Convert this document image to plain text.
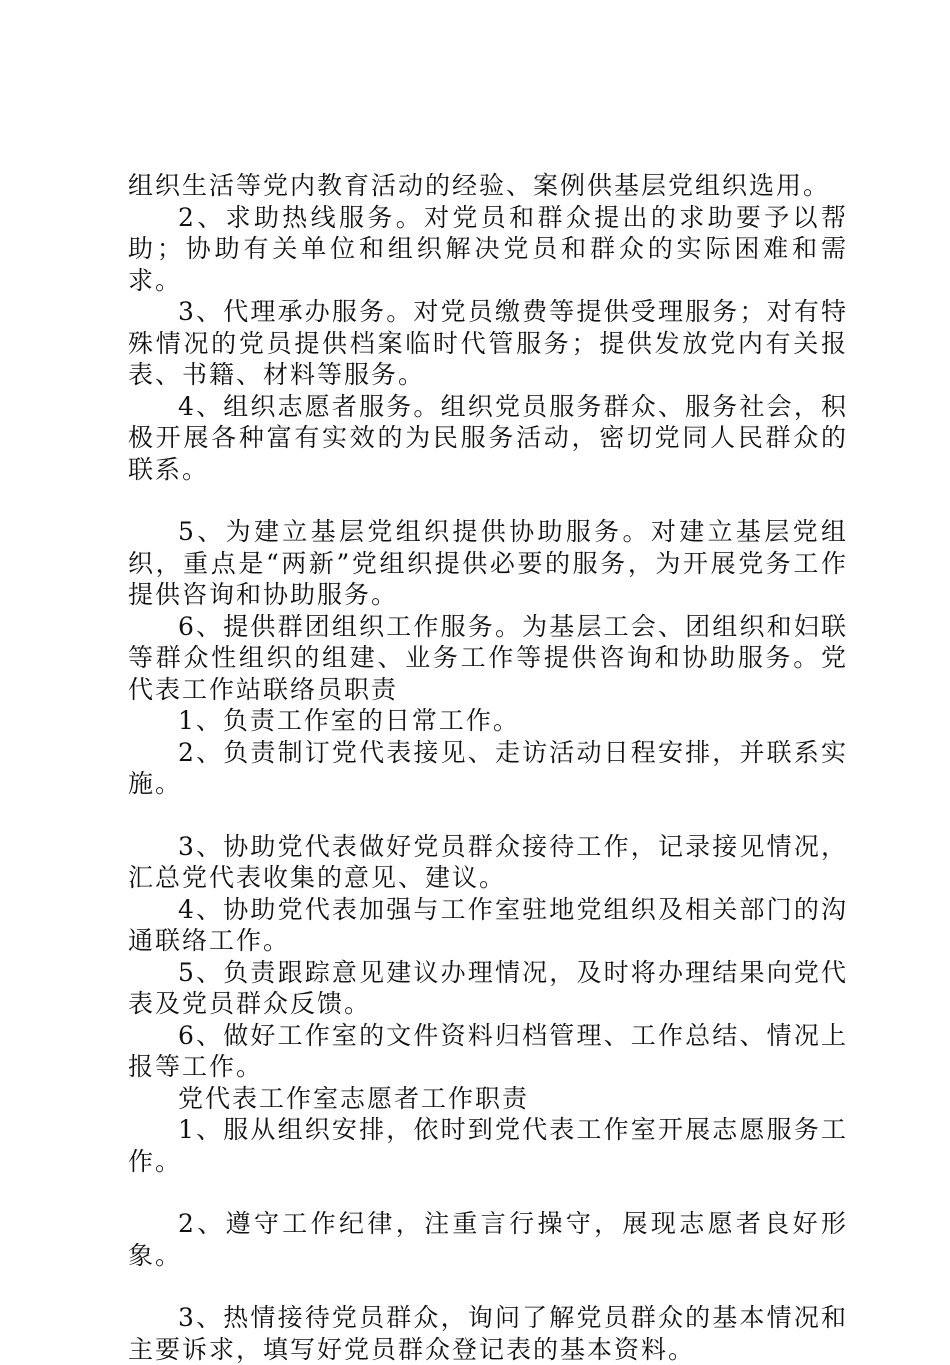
组织生活等党内教育活动的经验、案例供基层党组织选用。

2、求助热线服务。对党员和群众提出的求助要予以帮助；协助有关单位和组织解决党员和群众的实际困难和需求。

3、代理承办服务。对党员缴费等提供受理服务；对有特殊情况的党员提供档案临时代管服务；提供发放党内有关报表、书籍、材料等服务。

4、组织志愿者服务。组织党员服务群众、服务社会，积极开展各种富有实效的为民服务活动，密切党同人民群众的联系。

5、为建立基层党组织提供协助服务。对建立基层党组织，重点是“两新”党组织提供必要的服务，为开展党务工作提供咨询和协助服务。

6、提供群团组织工作服务。为基层工会、团组织和妇联等群众性组织的组建、业务工作等提供咨询和协助服务。党代表工作站联络员职责

1、负责工作室的日常工作。

2、负责制订党代表接见、走访活动日程安排，并联系实施。

3、协助党代表做好党员群众接待工作，记录接见情况，汇总党代表收集的意见、建议。

4、协助党代表加强与工作室驻地党组织及相关部门的沟通联络工作。

5、负责跟踪意见建议办理情况，及时将办理结果向党代表及党员群众反馈。

6、做好工作室的文件资料归档管理、工作总结、情况上报等工作。

党代表工作室志愿者工作职责

1、服从组织安排，依时到党代表工作室开展志愿服务工作。

2、遵守工作纪律，注重言行操守，展现志愿者良好形象。

3、热情接待党员群众，询问了解党员群众的基本情况和主要诉求，填写好党员群众登记表的基本资料。
